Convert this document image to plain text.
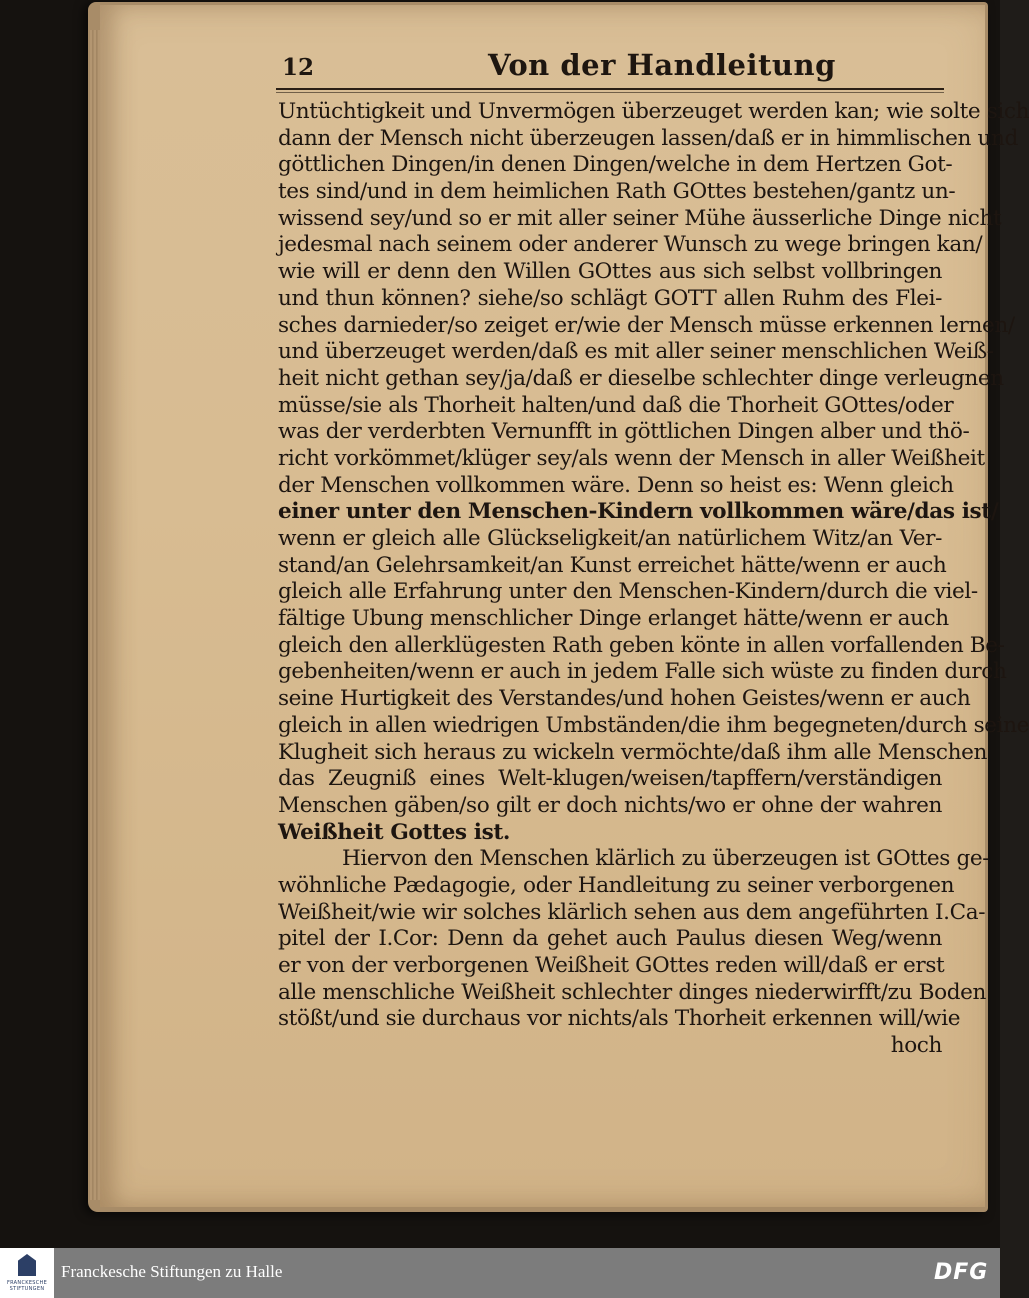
12	Von der Handleitung
Untüchtigkeit und Unvermögen überzeuget werden kan; wie solte sich
dann der Mensch nicht überzeugen lassen/daß er in himmlischen und
göttlichen Dingen/in denen Dingen/welche in dem Hertzen Got-
tes sind/und in dem heimlichen Rath GOttes bestehen/gantz un-
wissend sey/und so er mit aller seiner Mühe äusserliche Dinge nicht
jedesmal nach seinem oder anderer Wunsch zu wege bringen kan/
wie will er denn den Willen GOttes aus sich selbst vollbringen
und thun können? siehe/so schlägt GOTT allen Ruhm des Flei-
sches darnieder/so zeiget er/wie der Mensch müsse erkennen lernen/
und überzeuget werden/daß es mit aller seiner menschlichen Weiß-
heit nicht gethan sey/ja/daß er dieselbe schlechter dinge verleugnen
müsse/sie als Thorheit halten/und daß die Thorheit GOttes/oder
was der verderbten Vernunfft in göttlichen Dingen alber und thö-
richt vorkömmet/klüger sey/als wenn der Mensch in aller Weißheit
der Menschen vollkommen wäre. Denn so heist es: Wenn gleich
einer unter den Menschen-Kindern vollkommen wäre/das ist/
wenn er gleich alle Glückseligkeit/an natürlichem Witz/an Ver-
stand/an Gelehrsamkeit/an Kunst erreichet hätte/wenn er auch
gleich alle Erfahrung unter den Menschen-Kindern/durch die viel-
fältige Ubung menschlicher Dinge erlanget hätte/wenn er auch
gleich den allerklügesten Rath geben könte in allen vorfallenden Be-
gebenheiten/wenn er auch in jedem Falle sich wüste zu finden durch
seine Hurtigkeit des Verstandes/und hohen Geistes/wenn er auch
gleich in allen wiedrigen Umbständen/die ihm begegneten/durch seine
Klugheit sich heraus zu wickeln vermöchte/daß ihm alle Menschen
das Zeugniß eines Welt-klugen/weisen/tapffern/verständigen
Menschen gäben/so gilt er doch nichts/wo er ohne der wahren
Weißheit Gottes ist.
Hiervon den Menschen klärlich zu überzeugen ist GOttes ge-
wöhnliche Pædagogie, oder Handleitung zu seiner verborgenen
Weißheit/wie wir solches klärlich sehen aus dem angeführten I.Ca-
pitel der I.Cor: Denn da gehet auch Paulus diesen Weg/wenn
er von der verborgenen Weißheit GOttes reden will/daß er erst
alle menschliche Weißheit schlechter dinges niederwirfft/zu Boden
stößt/und sie durchaus vor nichts/als Thorheit erkennen will/wie
hoch
FRANCKESCHE STIFTUNGEN
Franckesche Stiftungen zu Halle	DFG
